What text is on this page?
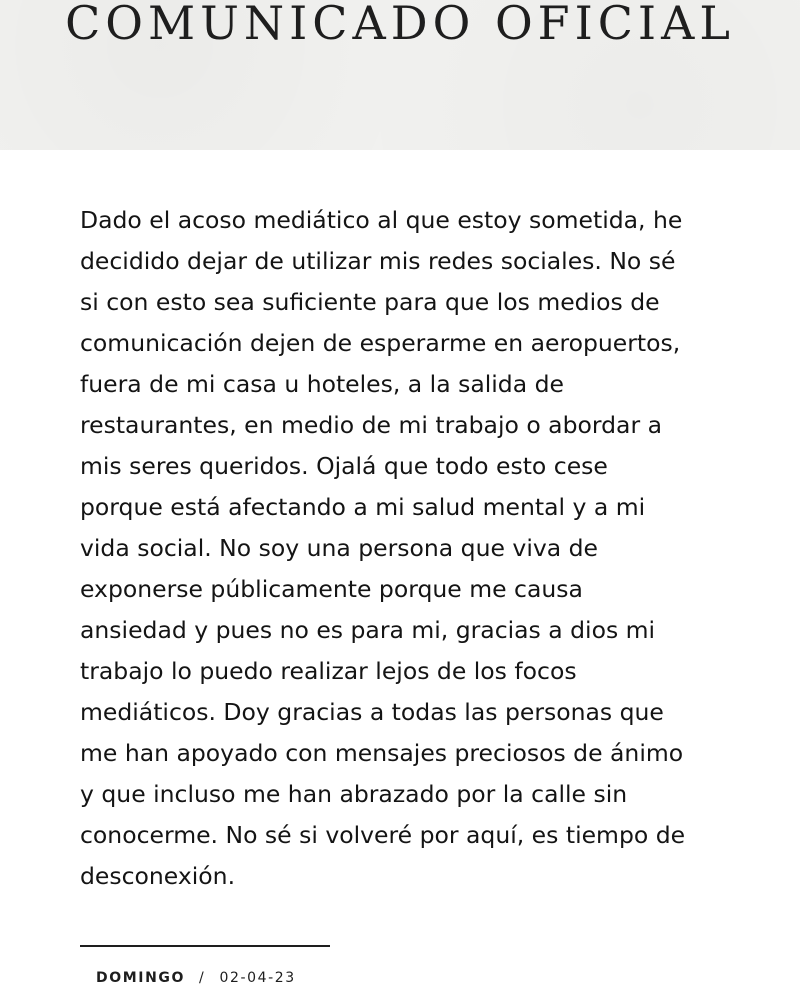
COMUNICADO OFICIAL

Dado el acoso mediático al que estoy sometida, he
decidido dejar de utilizar mis redes sociales. No sé
si con esto sea suficiente para que los medios de
comunicación dejen de esperarme en aeropuertos,
fuera de mi casa u hoteles, a la salida de
restaurantes, en medio de mi trabajo o abordar a
mis seres queridos. Ojalá que todo esto cese
porque está afectando a mi salud mental y a mi
vida social. No soy una persona que viva de
exponerse públicamente porque me causa
ansiedad y pues no es para mi, gracias a dios mi
trabajo lo puedo realizar lejos de los focos
mediáticos. Doy gracias a todas las personas que
me han apoyado con mensajes preciosos de ánimo
y que incluso me han abrazado por la calle sin
conocerme. No sé si volveré por aquí, es tiempo de
desconexión.

DOMINGO / 02-04-23
